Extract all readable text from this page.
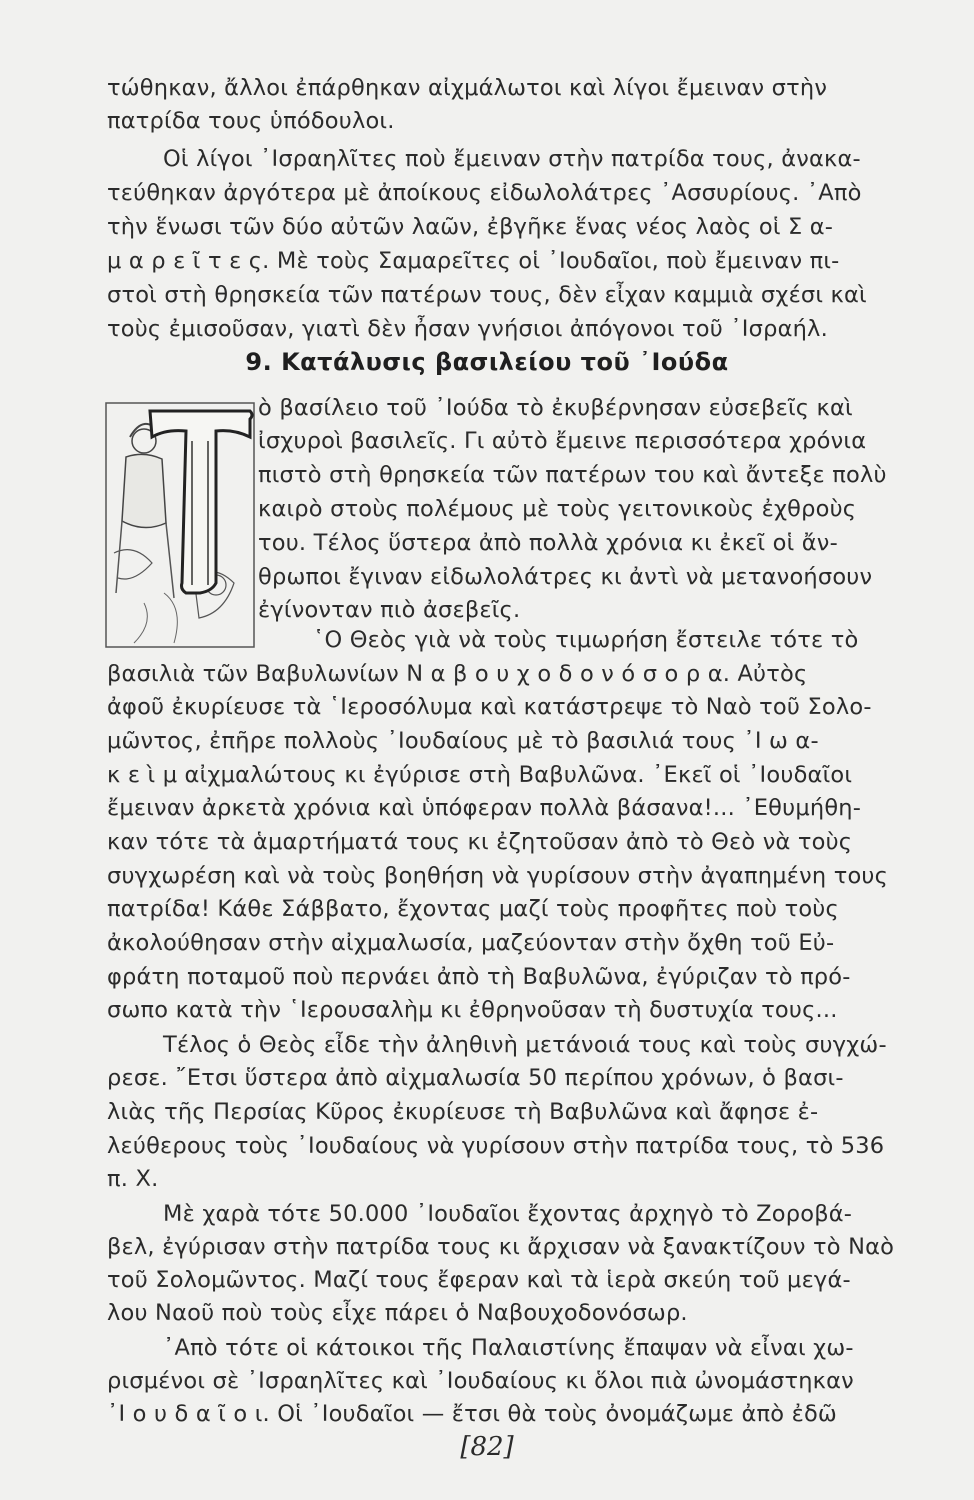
τώθηκαν, ἄλλοι ἐπάρθηκαν αἰχμάλωτοι καὶ λίγοι ἔμειναν στὴν
πατρίδα τους ὑπόδουλοι.
Οἱ λίγοι ᾿Ισραηλῖτες ποὺ ἔμειναν στὴν πατρίδα τους, ἀνακα-
τεύθηκαν ἀργότερα μὲ ἀποίκους εἰδωλολάτρες ᾿Ασσυρίους. ᾿Απὸ
τὴν ἕνωσι τῶν δύο αὐτῶν λαῶν, ἐβγῆκε ἕνας νέος λαὸς οἱ Σ α-
μ α ρ ε ῖ τ ε ς. Μὲ τοὺς Σαμαρεῖτες οἱ ᾿Ιουδαῖοι, ποὺ ἔμειναν πι-
στοὶ στὴ θρησκεία τῶν πατέρων τους, δὲν εἶχαν καμμιὰ σχέσι καὶ
τοὺς ἐμισοῦσαν, γιατὶ δὲν ἦσαν γνήσιοι ἀπόγονοι τοῦ ᾿Ισραήλ.
9. Κατάλυσις βασιλείου τοῦ ᾿Ιούδα
ὸ βασίλειο τοῦ ᾿Ιούδα τὸ ἐκυβέρνησαν εὐσεβεῖς καὶ
ἰσχυροὶ βασιλεῖς. Γι αὐτὸ ἔμεινε περισσότερα χρόνια
πιστὸ στὴ θρησκεία τῶν πατέρων του καὶ ἄντεξε πολὺ
καιρὸ στοὺς πολέμους μὲ τοὺς γειτονικοὺς ἐχθροὺς
του. Τέλος ὕστερα ἀπὸ πολλὰ χρόνια κι ἐκεῖ οἱ ἄν-
θρωποι ἔγιναν εἰδωλολάτρες κι ἀντὶ νὰ μετανοήσουν
ἐγίνονταν πιὸ ἀσεβεῖς.
῾Ο Θεὸς γιὰ νὰ τοὺς τιμωρήση ἔστειλε τότε τὸ
βασιλιὰ τῶν Βαβυλωνίων Ν α β ο υ χ ο δ ο ν ό σ ο ρ α. Αὐτὸς
ἀφοῦ ἐκυρίευσε τὰ ῾Ιεροσόλυμα καὶ κατάστρεψε τὸ Ναὸ τοῦ Σολο-
μῶντος, ἐπῆρε πολλοὺς ᾿Ιουδαίους μὲ τὸ βασιλιά τους ᾿Ι ω α-
κ ε ὶ μ αἰχμαλώτους κι ἐγύρισε στὴ Βαβυλῶνα. ᾿Εκεῖ οἱ ᾿Ιουδαῖοι
ἔμειναν ἀρκετὰ χρόνια καὶ ὑπόφεραν πολλὰ βάσανα!... ᾿Εθυμήθη-
καν τότε τὰ ἁμαρτήματά τους κι ἐζητοῦσαν ἀπὸ τὸ Θεὸ νὰ τοὺς
συγχωρέση καὶ νὰ τοὺς βοηθήση νὰ γυρίσουν στὴν ἀγαπημένη τους
πατρίδα! Κάθε Σάββατο, ἔχοντας μαζί τοὺς προφῆτες ποὺ τοὺς
ἀκολούθησαν στὴν αἰχμαλωσία, μαζεύονταν στὴν ὄχθη τοῦ Εὐ-
φράτη ποταμοῦ ποὺ περνάει ἀπὸ τὴ Βαβυλῶνα, ἐγύριζαν τὸ πρό-
σωπο κατὰ τὴν ῾Ιερουσαλὴμ κι ἐθρηνοῦσαν τὴ δυστυχία τους...
Τέλος ὁ Θεὸς εἶδε τὴν ἀληθινὴ μετάνοιά τους καὶ τοὺς συγχώ-
ρεσε. ῎Ετσι ὕστερα ἀπὸ αἰχμαλωσία 50 περίπου χρόνων, ὁ βασι-
λιὰς τῆς Περσίας Κῦρος ἐκυρίευσε τὴ Βαβυλῶνα καὶ ἄφησε ἐ-
λεύθερους τοὺς ᾿Ιουδαίους νὰ γυρίσουν στὴν πατρίδα τους, τὸ 536
π. Χ.
Μὲ χαρὰ τότε 50.000 ᾿Ιουδαῖοι ἔχοντας ἀρχηγὸ τὸ Ζοροβά-
βελ, ἐγύρισαν στὴν πατρίδα τους κι ἄρχισαν νὰ ξανακτίζουν τὸ Ναὸ
τοῦ Σολομῶντος. Μαζί τους ἔφεραν καὶ τὰ ἱερὰ σκεύη τοῦ μεγά-
λου Ναοῦ ποὺ τοὺς εἶχε πάρει ὁ Ναβουχοδονόσωρ.
᾿Απὸ τότε οἱ κάτοικοι τῆς Παλαιστίνης ἔπαψαν νὰ εἶναι χω-
ρισμένοι σὲ ᾿Ισραηλῖτες καὶ ᾿Ιουδαίους κι ὅλοι πιὰ ὠνομάστηκαν
᾿Ι ο υ δ α ῖ ο ι. Οἱ ᾿Ιουδαῖοι — ἔτσι θὰ τοὺς ὀνομάζωμε ἀπὸ ἐδῶ
[82]
